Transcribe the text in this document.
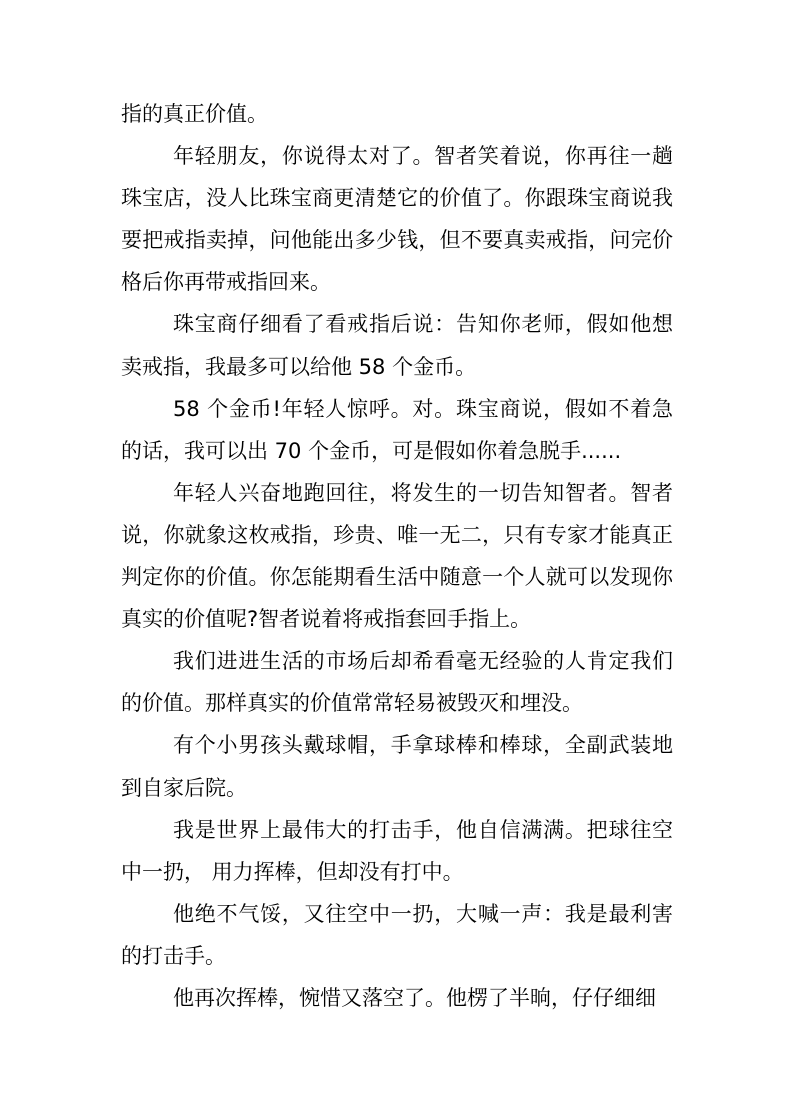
指的真正价值。

年轻朋友，你说得太对了。智者笑着说，你再往一趟珠宝店，没人比珠宝商更清楚它的价值了。你跟珠宝商说我要把戒指卖掉，问他能出多少钱，但不要真卖戒指，问完价格后你再带戒指回来。

珠宝商仔细看了看戒指后说：告知你老师，假如他想卖戒指，我最多可以给他 58 个金币。

58 个金币!年轻人惊呼。对。珠宝商说，假如不着急的话，我可以出 70 个金币，可是假如你着急脱手......

年轻人兴奋地跑回往，将发生的一切告知智者。智者说，你就象这枚戒指，珍贵、唯一无二，只有专家才能真正判定你的价值。你怎能期看生活中随意一个人就可以发现你真实的价值呢?智者说着将戒指套回手指上。

我们进进生活的市场后却希看毫无经验的人肯定我们的价值。那样真实的价值常常轻易被毁灭和埋没。

有个小男孩头戴球帽，手拿球棒和棒球，全副武装地到自家后院。

我是世界上最伟大的打击手，他自信满满。把球往空中一扔， 用力挥棒，但却没有打中。

他绝不气馁，又往空中一扔，大喊一声：我是最利害的打击手。

他再次挥棒，惋惜又落空了。他楞了半晌，仔仔细细
